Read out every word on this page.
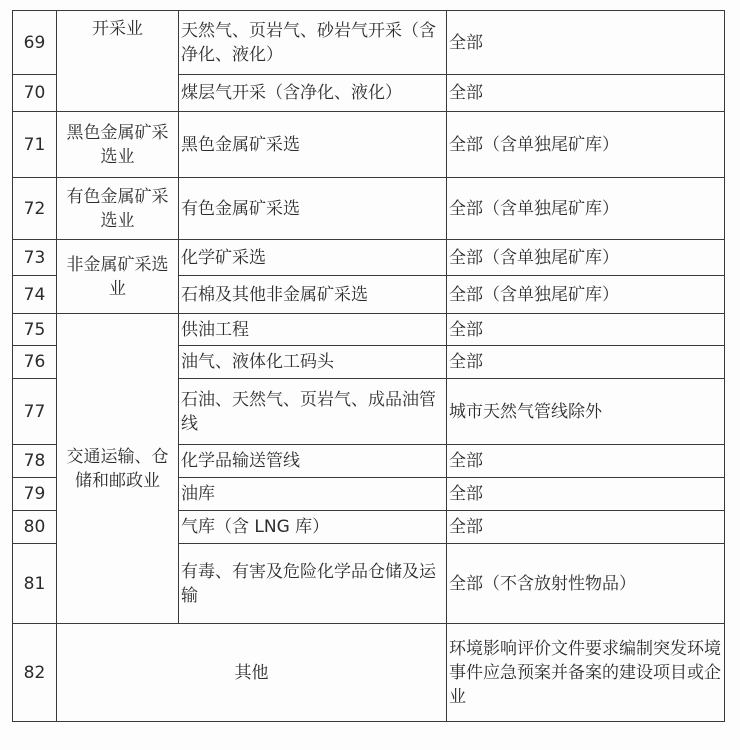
69	开采业	天然气、页岩气、砂岩气开采（含净化、液化）	全部
70		煤层气开采（含净化、液化）	全部
71	黑色金属矿采选业	黑色金属矿采选	全部（含单独尾矿库）
72	有色金属矿采选业	有色金属矿采选	全部（含单独尾矿库）
73	非金属矿采选业	化学矿采选	全部（含单独尾矿库）
74		石棉及其他非金属矿采选	全部（含单独尾矿库）
75	交通运输、仓储和邮政业	供油工程	全部
76		油气、液体化工码头	全部
77		石油、天然气、页岩气、成品油管线	城市天然气管线除外
78		化学品输送管线	全部
79		油库	全部
80		气库（含 LNG 库）	全部
81		有毒、有害及危险化学品仓储及运输	全部（不含放射性物品）
82	其他		环境影响评价文件要求编制突发环境事件应急预案并备案的建设项目或企业
